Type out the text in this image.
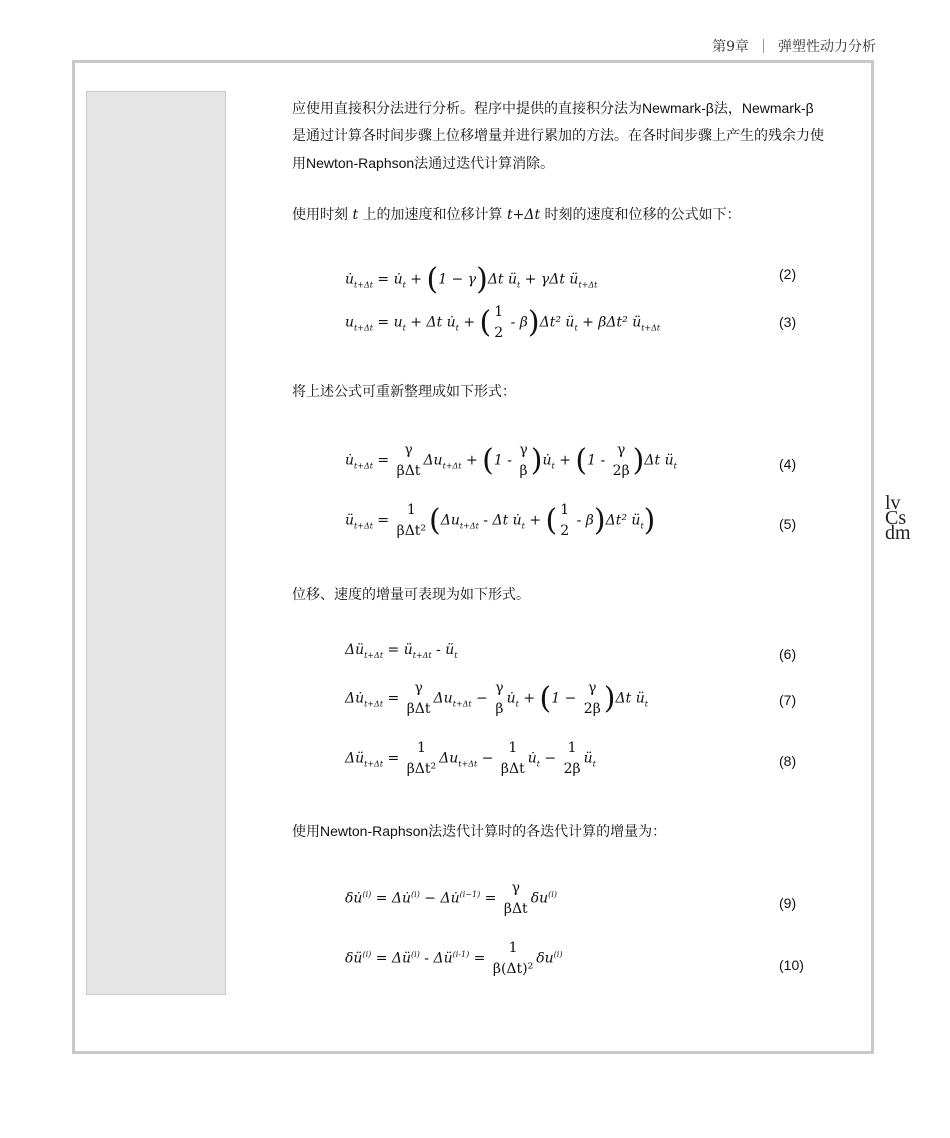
第9章 弹塑性动力分析
应使用直接积分法进行分析。程序中提供的直接积分法为Newmark-β法，Newmark-β
是通过计算各时间步骤上位移增量并进行累加的方法。在各时间步骤上产生的残余力使
用Newton-Raphson法通过迭代计算消除。
使用时刻 t 上的加速度和位移计算 t+Δt 时刻的速度和位移的公式如下：
$u̇_{t+\Delta t}$ = $u̇_t + (1 - \gamma)\Delta t$ $ü_t + \gamma\Delta t$ $ü_{t+\Delta t}$
(2)
$u_{t+\Delta t} = u_t + \Delta t$ $u̇_t$ + ( 1
2
- β)Δt² $ü_t + \beta\Delta t^2$ $ü_{t+\Delta t}$	(3)
将上述公式可重新整理成如下形式：
$u̇_{t+\Delta t}$ =
γ
βΔt
$\Delta u_{t+\Delta t} + (1$ -
γ
β )$u̇_t + (1$ -
γ
2β )Δt $ü_t$	(4)
$ü_{t+\Delta t}$ =
1
βΔt² ($\Delta u_{t+\Delta t}$ - Δt $u̇_t$ + ( 1
2
- β)Δt² $ü_t$)	(5)
位移、速度的增量可表现为如下形式。
$\Delta ü_{t+\Delta t}$ = $ü_{t+\Delta t}$ - $ü_t$	(6)
$\Delta u̇_{t+\Delta t}$ =
γ
βΔt
$\Delta u_{t+\Delta t}$ −
γ
β
$u̇_t + (1$ −
γ
2β )Δt $ü_t$	(7)
$\Delta ü_{t+\Delta t}$ =
1
βΔt²
$\Delta u_{t+\Delta t}$ −
1
βΔt
$u̇_t$ −
1
2β
$ü_t$	(8)
使用Newton-Raphson法迭代计算时的各迭代计算的增量为：
δu̇$^{(i)}$ = Δu̇$^{(i)}$ − Δu̇$^{(i-1)}$ =
γ
βΔt
$\delta u^{(i)}$
(9)
$\delta ü^{(i)}$ = $\Delta ü^{(i)}$ - $\Delta ü^{(i-1)}$ =
1
β(Δt)²
$\delta u^{(i)}$
(10)
lvCsdm
